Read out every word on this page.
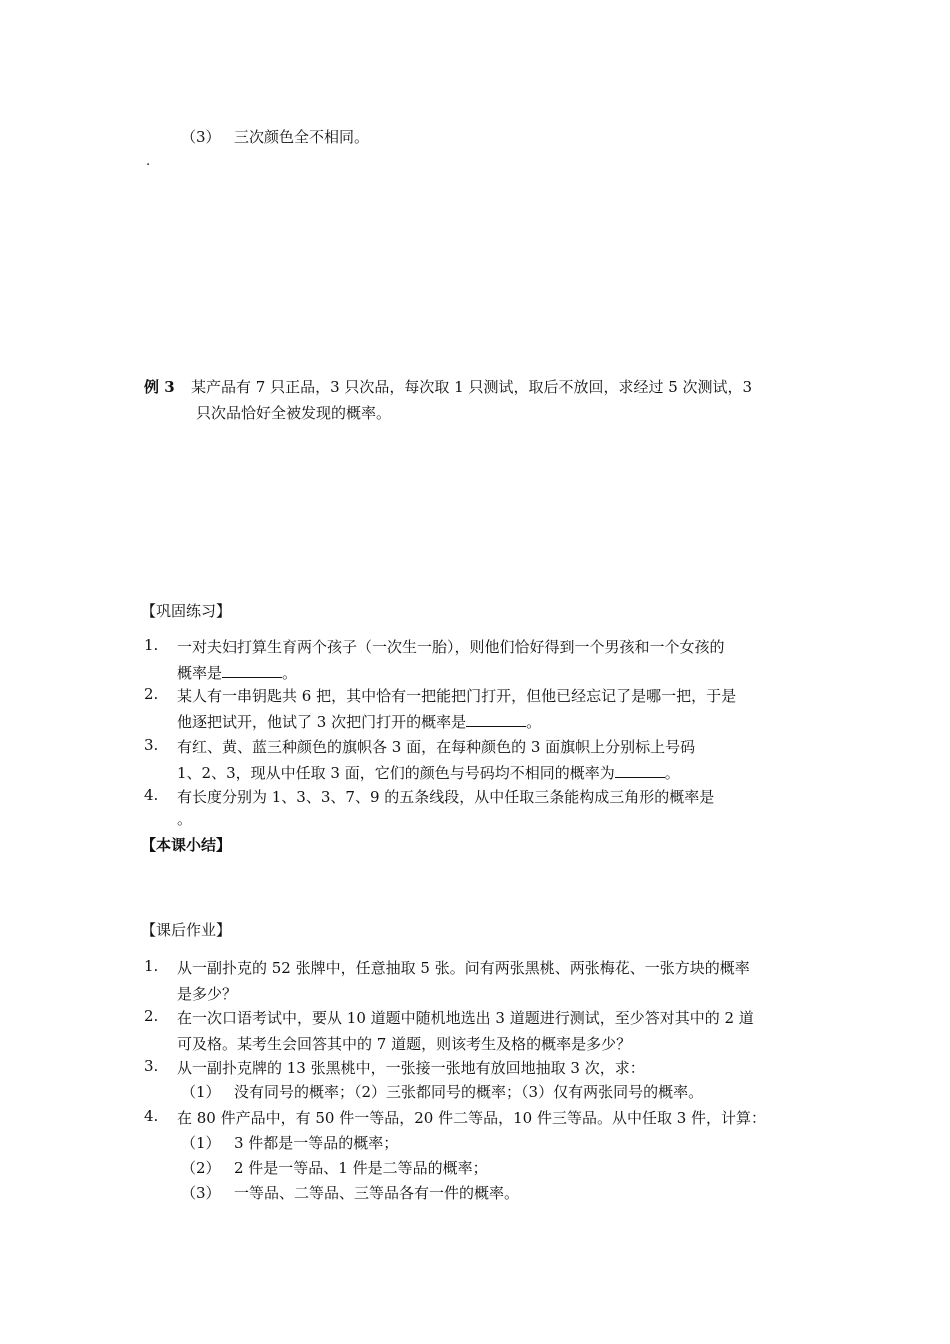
（3） 三次颜色全不相同。
.
例 3 某产品有 7 只正品，3 只次品，每次取 1 只测试，取后不放回，求经过 5 次测试，3
只次品恰好全被发现的概率。
【巩固练习】
1. 一对夫妇打算生育两个孩子（一次生一胎），则他们恰好得到一个男孩和一个女孩的
概率是	。
2. 某人有一串钥匙共 6 把，其中恰有一把能把门打开，但他已经忘记了是哪一把，于是
他逐把试开，他试了 3 次把门打开的概率是	。
3. 有红、黄、蓝三种颜色的旗帜各 3 面，在每种颜色的 3 面旗帜上分别标上号码
1、2、3，现从中任取 3 面，它们的颜色与号码均不相同的概率为	。
4. 有长度分别为 1、3、3、7、9 的五条线段，从中任取三条能构成三角形的概率是
。
【本课小结】
【课后作业】
1. 从一副扑克的 52 张牌中，任意抽取 5 张。问有两张黑桃、两张梅花、一张方块的概率
是多少？
2. 在一次口语考试中，要从 10 道题中随机地选出 3 道题进行测试，至少答对其中的 2 道
可及格。某考生会回答其中的 7 道题，则该考生及格的概率是多少？
3. 从一副扑克牌的 13 张黑桃中，一张接一张地有放回地抽取 3 次，求：
（1） 没有同号的概率；（2）三张都同号的概率；（3）仅有两张同号的概率。
4. 在 80 件产品中，有 50 件一等品，20 件二等品，10 件三等品。从中任取 3 件，计算：
（1） 3 件都是一等品的概率；
（2） 2 件是一等品、1 件是二等品的概率；
（3） 一等品、二等品、三等品各有一件的概率。
